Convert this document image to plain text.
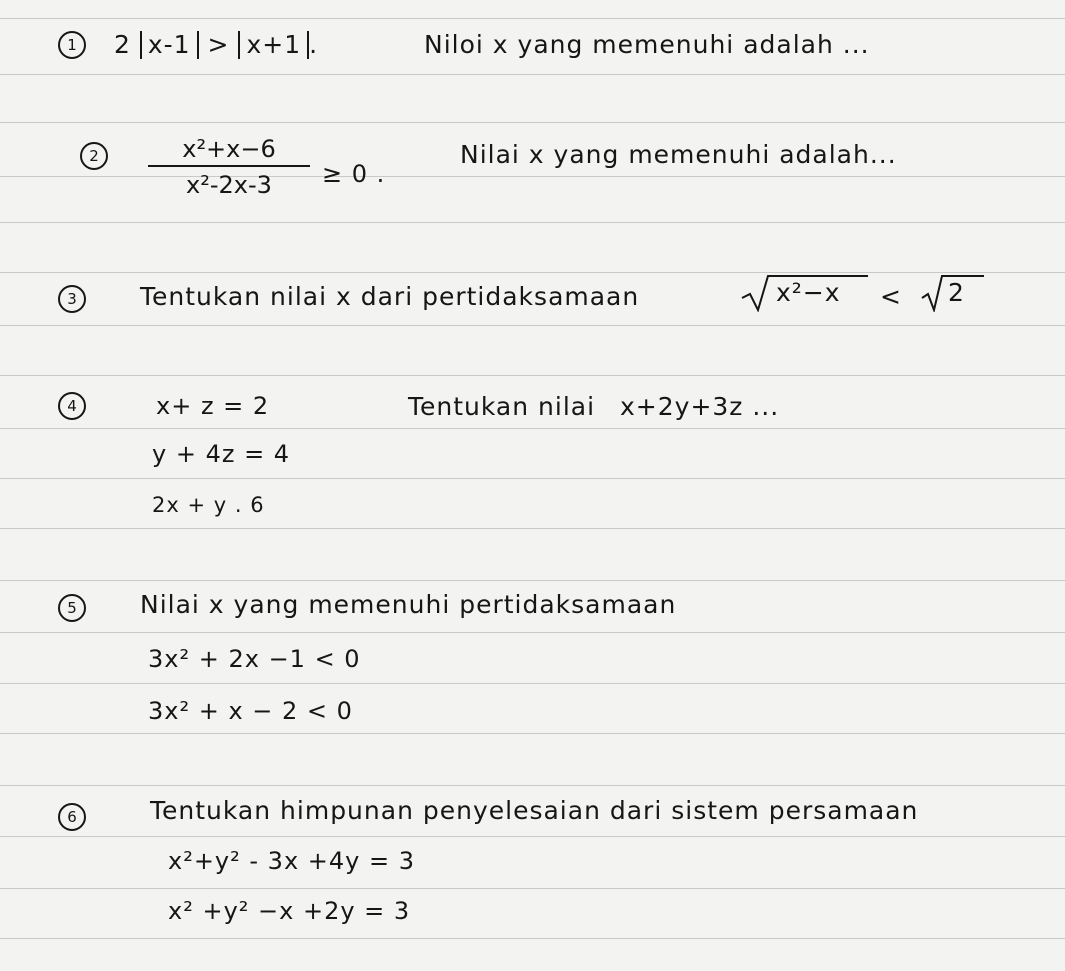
1	2 x-1 > x+1 .	Niloi x yang memenuhi adalah ...
2	x²+x−6
x²-2x-3	≥ 0 .
Nilai x yang memenuhi adalah...
3	Tentukan nilai x dari pertidaksamaan	x²−x < 2
4	x+ z = 2
y + 4z = 4
2x + y . 6
Tentukan nilai x+2y+3z ...
5	Nilai x yang memenuhi pertidaksamaan
3x² + 2x −1 < 0
3x² + x − 2 < 0
6	Tentukan himpunan penyelesaian dari sistem persamaan
x²+y² - 3x +4y = 3
x² +y² −x +2y = 3
